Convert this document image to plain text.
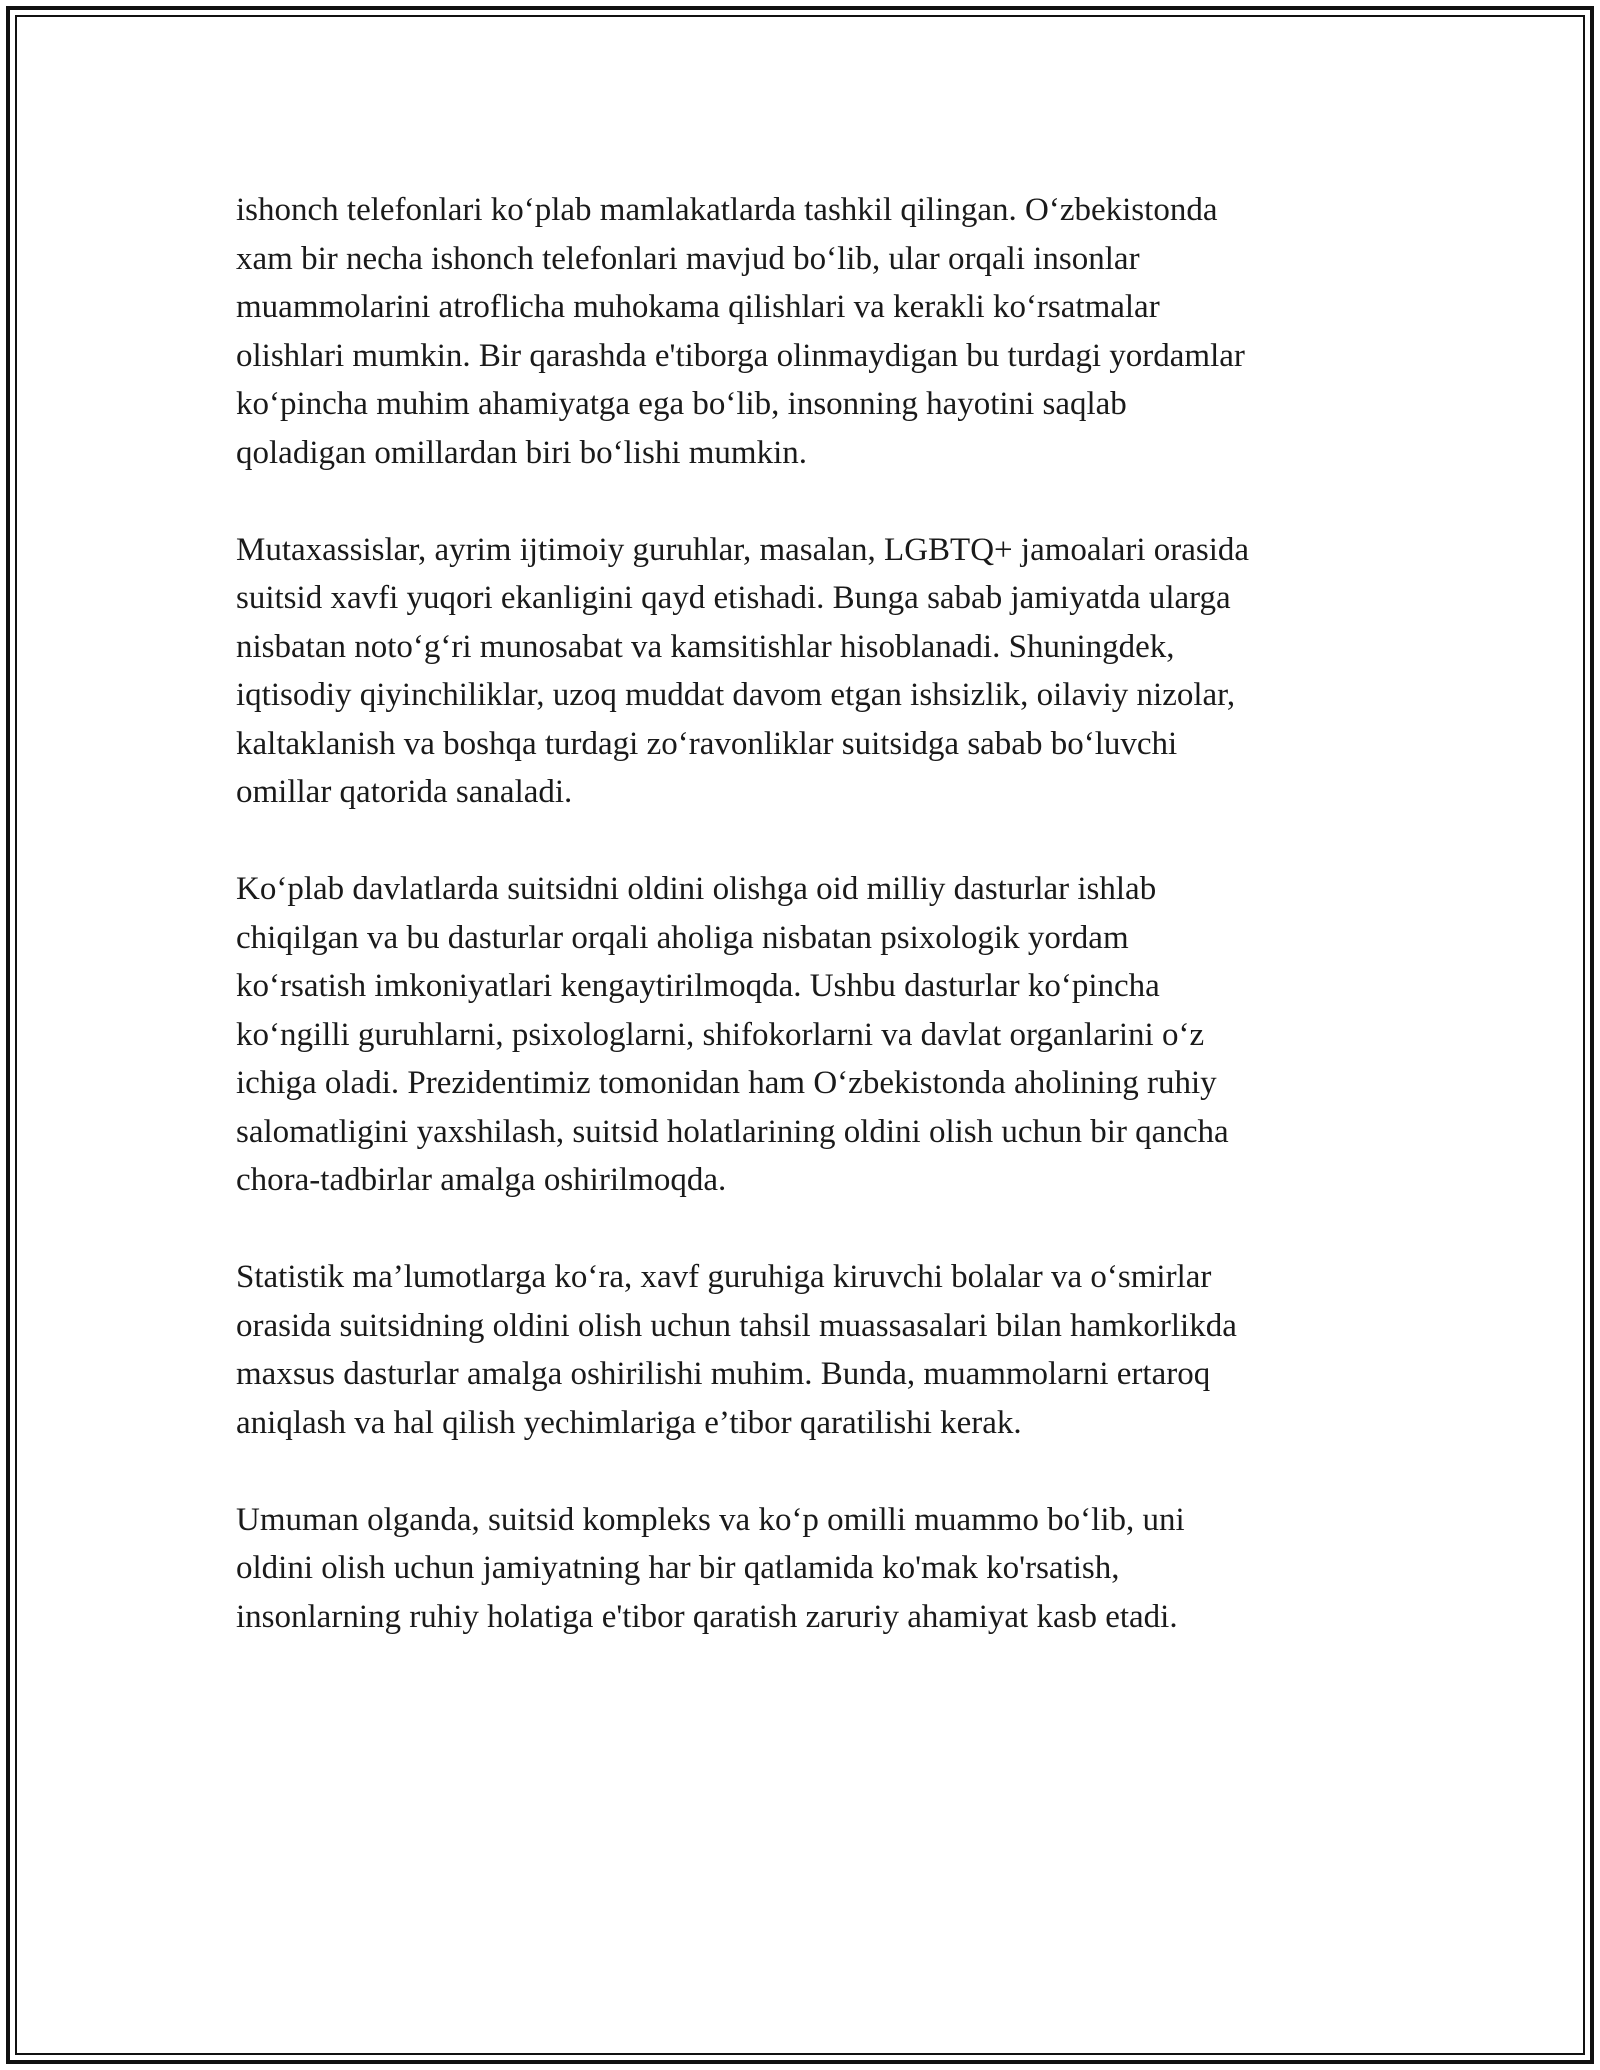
ishonch telefonlari koʻplab mamlakatlarda tashkil qilingan. Oʻzbekistonda
xam bir necha ishonch telefonlari mavjud boʻlib, ular orqali insonlar
muammolarini atroflicha muhokama qilishlari va kerakli koʻrsatmalar
olishlari mumkin. Bir qarashda e'tiborga olinmaydigan bu turdagi yordamlar
koʻpincha muhim ahamiyatga ega boʻlib, insonning hayotini saqlab
qoladigan omillardan biri boʻlishi mumkin.

Mutaxassislar, ayrim ijtimoiy guruhlar, masalan, LGBTQ+ jamoalari orasida
suitsid xavfi yuqori ekanligini qayd etishadi. Bunga sabab jamiyatda ularga
nisbatan notoʻgʻri munosabat va kamsitishlar hisoblanadi. Shuningdek,
iqtisodiy qiyinchiliklar, uzoq muddat davom etgan ishsizlik, oilaviy nizolar,
kaltaklanish va boshqa turdagi zoʻravonliklar suitsidga sabab boʻluvchi
omillar qatorida sanaladi.

Koʻplab davlatlarda suitsidni oldini olishga oid milliy dasturlar ishlab
chiqilgan va bu dasturlar orqali aholiga nisbatan psixologik yordam
koʻrsatish imkoniyatlari kengaytirilmoqda. Ushbu dasturlar koʻpincha
koʻngilli guruhlarni, psixologlarni, shifokorlarni va davlat organlarini oʻz
ichiga oladi. Prezidentimiz tomonidan ham Oʻzbekistonda aholining ruhiy
salomatligini yaxshilash, suitsid holatlarining oldini olish uchun bir qancha
chora-tadbirlar amalga oshirilmoqda.

Statistik ma’lumotlarga koʻra, xavf guruhiga kiruvchi bolalar va oʻsmirlar
orasida suitsidning oldini olish uchun tahsil muassasalari bilan hamkorlikda
maxsus dasturlar amalga oshirilishi muhim. Bunda, muammolarni ertaroq
aniqlash va hal qilish yechimlariga e’tibor qaratilishi kerak.

Umuman olganda, suitsid kompleks va koʻp omilli muammo boʻlib, uni
oldini olish uchun jamiyatning har bir qatlamida ko'mak ko'rsatish,
insonlarning ruhiy holatiga e'tibor qaratish zaruriy ahamiyat kasb etadi.
